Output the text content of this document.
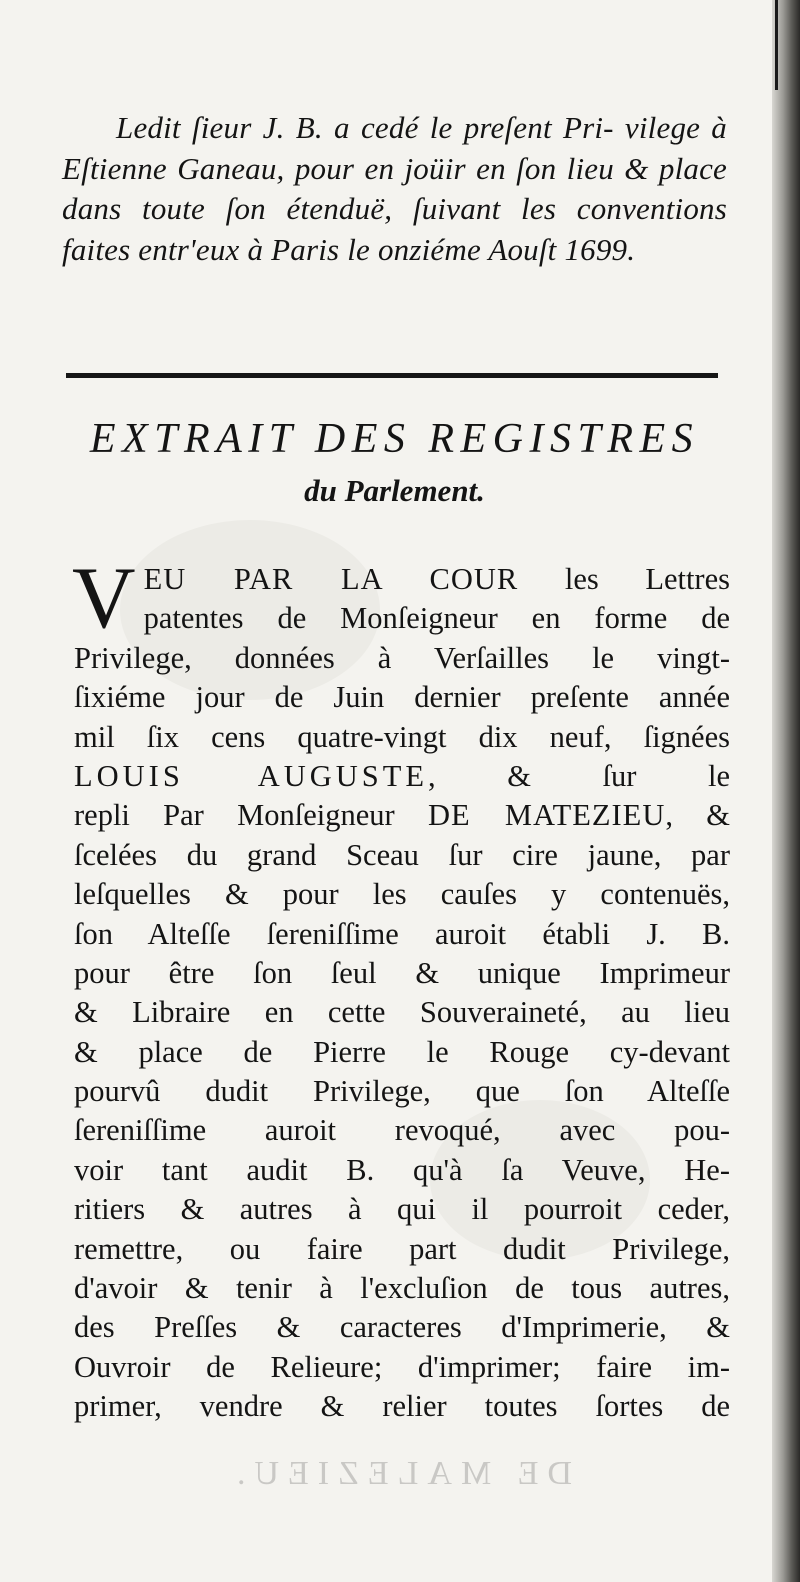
Ledit ſieur J. B. a cedé le preſent Pri- vilege à Eſtienne Ganeau, pour en joüir en ſon lieu & place dans toute ſon étenduë, ſuivant les conventions faites entr'eux à Paris le onziéme Aouſt 1699.

EXTRAIT DES REGISTRES
du Parlement.
V EU PAR LA COUR les Lettres
patentes de Monſeigneur en forme de
Privilege, données à Verſailles le vingt-
ſixiéme jour de Juin dernier preſente année
mil ſix cens quatre-vingt dix neuf, ſignées
LOUIS AUGUSTE, & ſur le
repli Par Monſeigneur DE MATEZIEU, &
ſcelées du grand Sceau ſur cire jaune, par
leſquelles & pour les cauſes y contenuës,
ſon Alteſſe ſereniſſime auroit établi J. B.
pour être ſon ſeul & unique Imprimeur
& Libraire en cette Souveraineté, au lieu
& place de Pierre le Rouge cy-devant
pourvû dudit Privilege, que ſon Alteſſe
ſereniſſime auroit revoqué, avec pou-
voir tant audit B. qu'à ſa Veuve, He-
ritiers & autres à qui il pourroit ceder,
remettre, ou faire part dudit Privilege,
d'avoir & tenir à l'excluſion de tous autres,
des Preſſes & caracteres d'Imprimerie, &
Ouvroir de Relieure; d'imprimer; faire im-
primer, vendre & relier toutes ſortes de

DE MALEZIEU.
